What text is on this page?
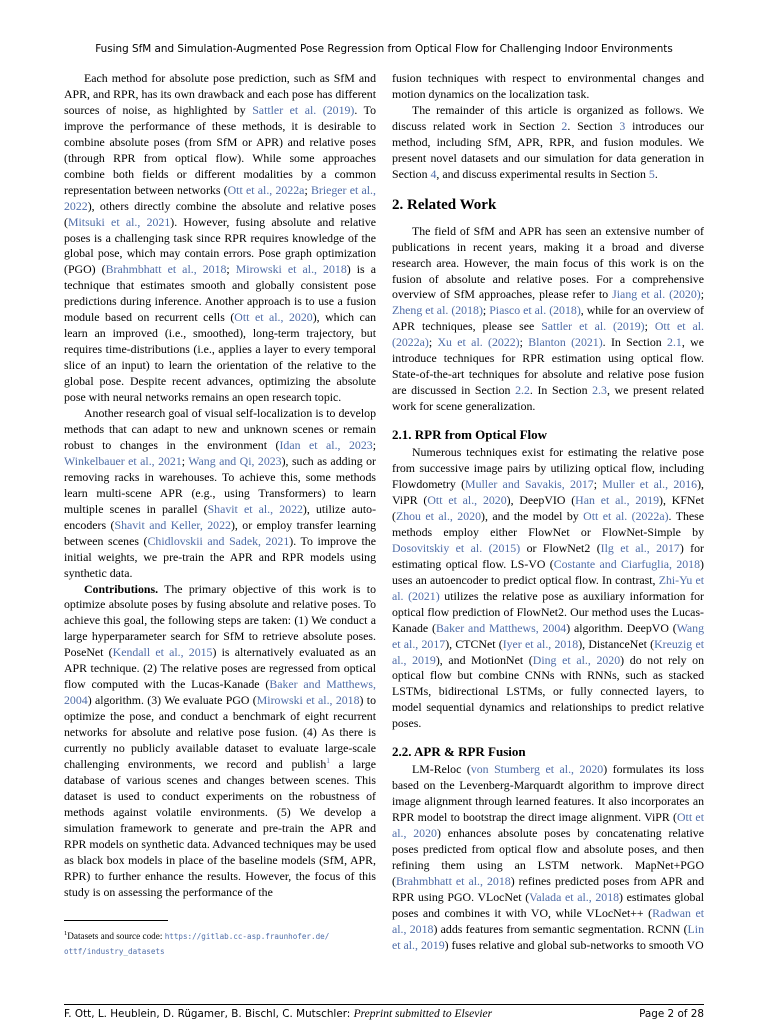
Fusing SfM and Simulation-Augmented Pose Regression from Optical Flow for Challenging Indoor Environments

Each method for absolute pose prediction, such as SfM and APR, and RPR, has its own drawback and each pose has different sources of noise, as highlighted by Sattler et al. (2019). To improve the performance of these methods, it is desirable to combine absolute poses (from SfM or APR) and relative poses (through RPR from optical flow). While some approaches combine both fields or different modalities by a common representation between networks (Ott et al., 2022a; Brieger et al., 2022), others directly combine the absolute and relative poses (Mitsuki et al., 2021). However, fusing absolute and relative poses is a challenging task since RPR requires knowledge of the global pose, which may contain errors. Pose graph optimization (PGO) (Brahmbhatt et al., 2018; Mirowski et al., 2018) is a technique that estimates smooth and globally consistent pose predictions during inference. Another approach is to use a fusion module based on recurrent cells (Ott et al., 2020), which can learn an improved (i.e., smoothed), long-term trajectory, but requires time-distributions (i.e., applies a layer to every temporal slice of an input) to learn the orientation of the relative to the global pose. Despite recent advances, optimizing the absolute pose with neural networks remains an open research topic.

Another research goal of visual self-localization is to develop methods that can adapt to new and unknown scenes or remain robust to changes in the environment (Idan et al., 2023; Winkelbauer et al., 2021; Wang and Qi, 2023), such as adding or removing racks in warehouses. To achieve this, some methods learn multi-scene APR (e.g., using Transformers) to learn multiple scenes in parallel (Shavit et al., 2022), utilize auto-encoders (Shavit and Keller, 2022), or employ transfer learning between scenes (Chidlovskii and Sadek, 2021). To improve the initial weights, we pre-train the APR and RPR models using synthetic data.

Contributions. The primary objective of this work is to optimize absolute poses by fusing absolute and relative poses. To achieve this goal, the following steps are taken: (1) We conduct a large hyperparameter search for SfM to retrieve absolute poses. PoseNet (Kendall et al., 2015) is alternatively evaluated as an APR technique. (2) The relative poses are regressed from optical flow computed with the Lucas-Kanade (Baker and Matthews, 2004) algorithm. (3) We evaluate PGO (Mirowski et al., 2018) to optimize the pose, and conduct a benchmark of eight recurrent networks for absolute and relative pose fusion. (4) As there is currently no publicly available dataset to evaluate large-scale challenging environments, we record and publish$^1$ a large database of various scenes and changes between scenes. This dataset is used to conduct experiments on the robustness of methods against volatile environments. (5) We develop a simulation framework to generate and pre-train the APR and RPR models on synthetic data. Advanced techniques may be used as black box models in place of the baseline models (SfM, APR, RPR) to further enhance the results. However, the focus of this study is on assessing the performance of the

$^1$Datasets and source code: https://gitlab.cc-asp.fraunhofer.de/
ottf/industry_datasets

fusion techniques with respect to environmental changes and motion dynamics on the localization task.

The remainder of this article is organized as follows. We discuss related work in Section 2. Section 3 introduces our method, including SfM, APR, RPR, and fusion modules. We present novel datasets and our simulation for data generation in Section 4, and discuss experimental results in Section 5.

2. Related Work

The field of SfM and APR has seen an extensive number of publications in recent years, making it a broad and diverse research area. However, the main focus of this work is on the fusion of absolute and relative poses. For a comprehensive overview of SfM approaches, please refer to Jiang et al. (2020); Zheng et al. (2018); Piasco et al. (2018), while for an overview of APR techniques, please see Sattler et al. (2019); Ott et al. (2022a); Xu et al. (2022); Blanton (2021). In Section 2.1, we introduce techniques for RPR estimation using optical flow. State-of-the-art techniques for absolute and relative pose fusion are discussed in Section 2.2. In Section 2.3, we present related work for scene generalization.

2.1. RPR from Optical Flow

Numerous techniques exist for estimating the relative pose from successive image pairs by utilizing optical flow, including Flowdometry (Muller and Savakis, 2017; Muller et al., 2016), ViPR (Ott et al., 2020), DeepVIO (Han et al., 2019), KFNet (Zhou et al., 2020), and the model by Ott et al. (2022a). These methods employ either FlowNet or FlowNet-Simple by Dosovitskiy et al. (2015) or FlowNet2 (Ilg et al., 2017) for estimating optical flow. LS-VO (Costante and Ciarfuglia, 2018) uses an autoencoder to predict optical flow. In contrast, Zhi-Yu et al. (2021) utilizes the relative pose as auxiliary information for optical flow prediction of FlowNet2. Our method uses the Lucas-Kanade (Baker and Matthews, 2004) algorithm. DeepVO (Wang et al., 2017), CTCNet (Iyer et al., 2018), DistanceNet (Kreuzig et al., 2019), and MotionNet (Ding et al., 2020) do not rely on optical flow but combine CNNs with RNNs, such as stacked LSTMs, bidirectional LSTMs, or fully connected layers, to model sequential dynamics and relationships to predict relative poses.

2.2. APR & RPR Fusion

LM-Reloc (von Stumberg et al., 2020) formulates its loss based on the Levenberg-Marquardt algorithm to improve direct image alignment through learned features. It also incorporates an RPR model to bootstrap the direct image alignment. ViPR (Ott et al., 2020) enhances absolute poses by concatenating relative poses predicted from optical flow and absolute poses, and then refining them using an LSTM network. MapNet+PGO (Brahmbhatt et al., 2018) refines predicted poses from APR and RPR using PGO. VLocNet (Valada et al., 2018) estimates global poses and combines it with VO, while VLocNet++ (Radwan et al., 2018) adds features from semantic segmentation. RCNN (Lin et al., 2019) fuses relative and global sub-networks to smooth VO

F. Ott, L. Heublein, D. Rügamer, B. Bischl, C. Mutschler: Preprint submitted to Elsevier	Page 2 of 28
